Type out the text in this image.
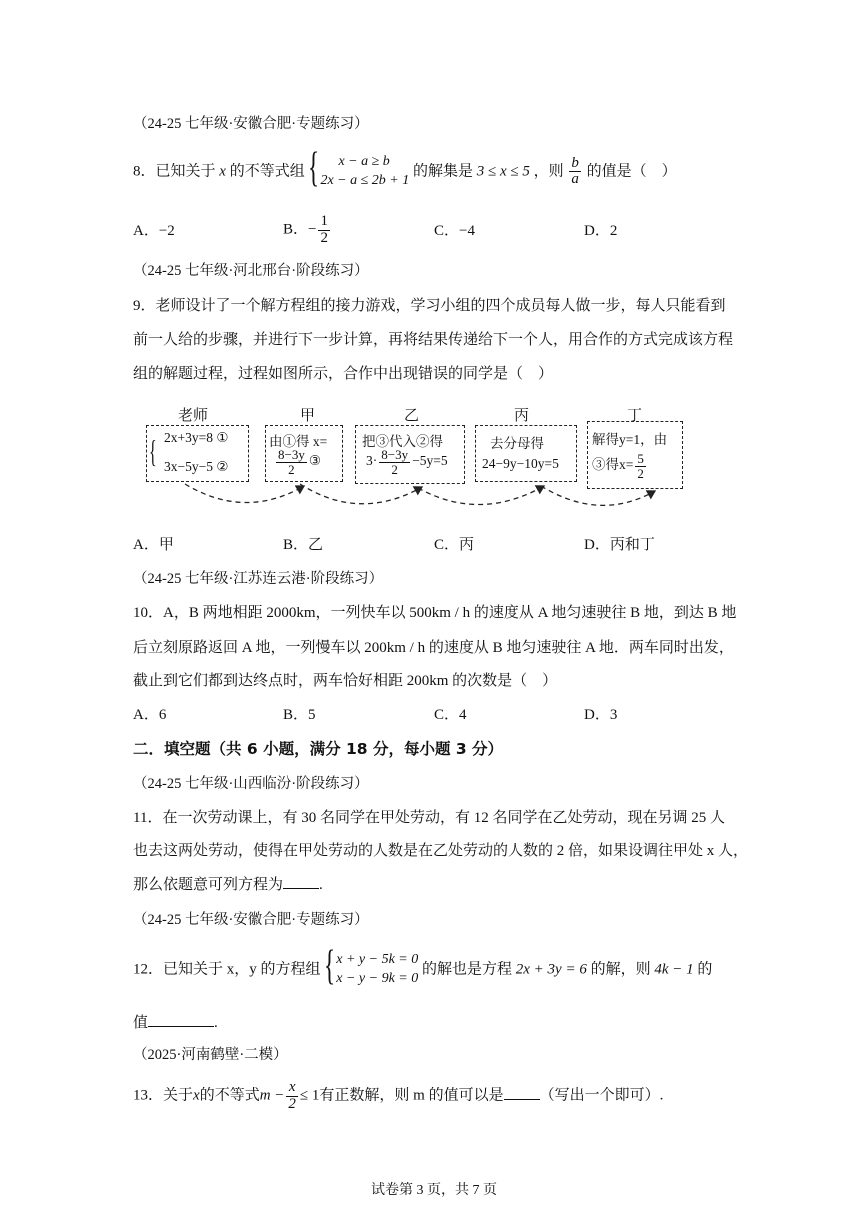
（24-25 七年级·安徽合肥·专题练习）
8．已知关于 x 的不等式组 {	x − a ≥ b
2x − a ≤ 2b + 1
的解集是 3 ≤ x ≤ 5 ，则 $\frac{b}{a}$ 的值是（　）
A．−2	B．− $\frac{1}{2}$	C．−4	D．2
（24-25 七年级·河北邢台·阶段练习）
9．老师设计了一个解方程组的接力游戏，学习小组的四个成员每人做一步，每人只能看到
前一人给的步骤，并进行下一步计算，再将结果传递给下一个人，用合作的方式完成该方程
组的解题过程，过程如图所示，合作中出现错误的同学是（　）
老师	甲	乙	丙	丁
{ 2x+3y=8 ①
3x−5y−5 ②
由①得 x=
$\frac{8-3y}{2}$ ③
把③代入②得
$3\cdot \frac{8-3y}{2} -5y=5$
去分母得
24−9y−10y=5
解得y=1，由
③得$x= \frac{5}{2}$
A．甲	B．乙	C．丙	D．丙和丁
（24-25 七年级·江苏连云港·阶段练习）
10．A，B 两地相距 2000km，一列快车以 500km / h 的速度从 A 地匀速驶往 B 地，到达 B 地
后立刻原路返回 A 地，一列慢车以 200km / h 的速度从 B 地匀速驶往 A 地．两车同时出发，
截止到它们都到达终点时，两车恰好相距 200km 的次数是（　）
A．6	B．5	C．4	D．3
二．填空题（共 6 小题，满分 18 分，每小题 3 分）
（24-25 七年级·山西临汾·阶段练习）
11．在一次劳动课上，有 30 名同学在甲处劳动，有 12 名同学在乙处劳动，现在另调 25 人
也去这两处劳动，使得在甲处劳动的人数是在乙处劳动的人数的 2 倍，如果设调往甲处 x 人，
那么依题意可列方程为 .
（24-25 七年级·安徽合肥·专题练习）
12．已知关于 x，y 的方程组 { x + y − 5k = 0
x − y − 9k = 0
的解也是方程 2x + 3y = 6 的解，则 4k − 1 的
值	.
（2025·河南鹤壁·二模）
13．关于x的不等式$m - \frac{x}{2} \le 1$有正数解，则 m 的值可以是 （写出一个即可）.
试卷第 3 页，共 7 页
